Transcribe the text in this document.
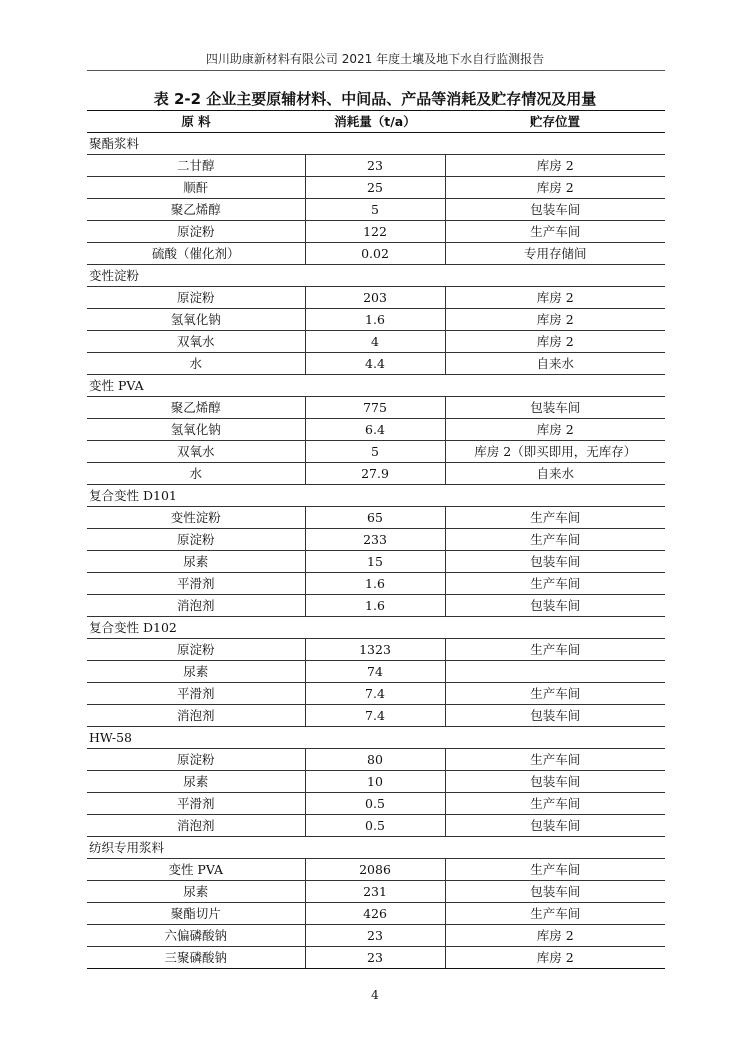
四川助康新材料有限公司 2021 年度土壤及地下水自行监测报告
表 2-2 企业主要原辅材料、中间品、产品等消耗及贮存情况及用量
原 料	消耗量（t/a）	贮存位置
聚酯浆料		
二甘醇	23	库房 2
顺酐	25	库房 2
聚乙烯醇	5	包装车间
原淀粉	122	生产车间
硫酸（催化剂）	0.02	专用存储间
变性淀粉		
原淀粉	203	库房 2
氢氧化钠	1.6	库房 2
双氧水	4	库房 2
水	4.4	自来水
变性 PVA		
聚乙烯醇	775	包装车间
氢氧化钠	6.4	库房 2
双氧水	5	库房 2（即买即用，无库存）
水	27.9	自来水
复合变性 D101		
变性淀粉	65	生产车间
原淀粉	233	生产车间
尿素	15	包装车间
平滑剂	1.6	生产车间
消泡剂	1.6	包装车间
复合变性 D102		
原淀粉	1323	生产车间
尿素	74	
平滑剂	7.4	生产车间
消泡剂	7.4	包装车间
HW-58		
原淀粉	80	生产车间
尿素	10	包装车间
平滑剂	0.5	生产车间
消泡剂	0.5	包装车间
纺织专用浆料		
变性 PVA	2086	生产车间
尿素	231	包装车间
聚酯切片	426	生产车间
六偏磷酸钠	23	库房 2
三聚磷酸钠	23	库房 2
4
